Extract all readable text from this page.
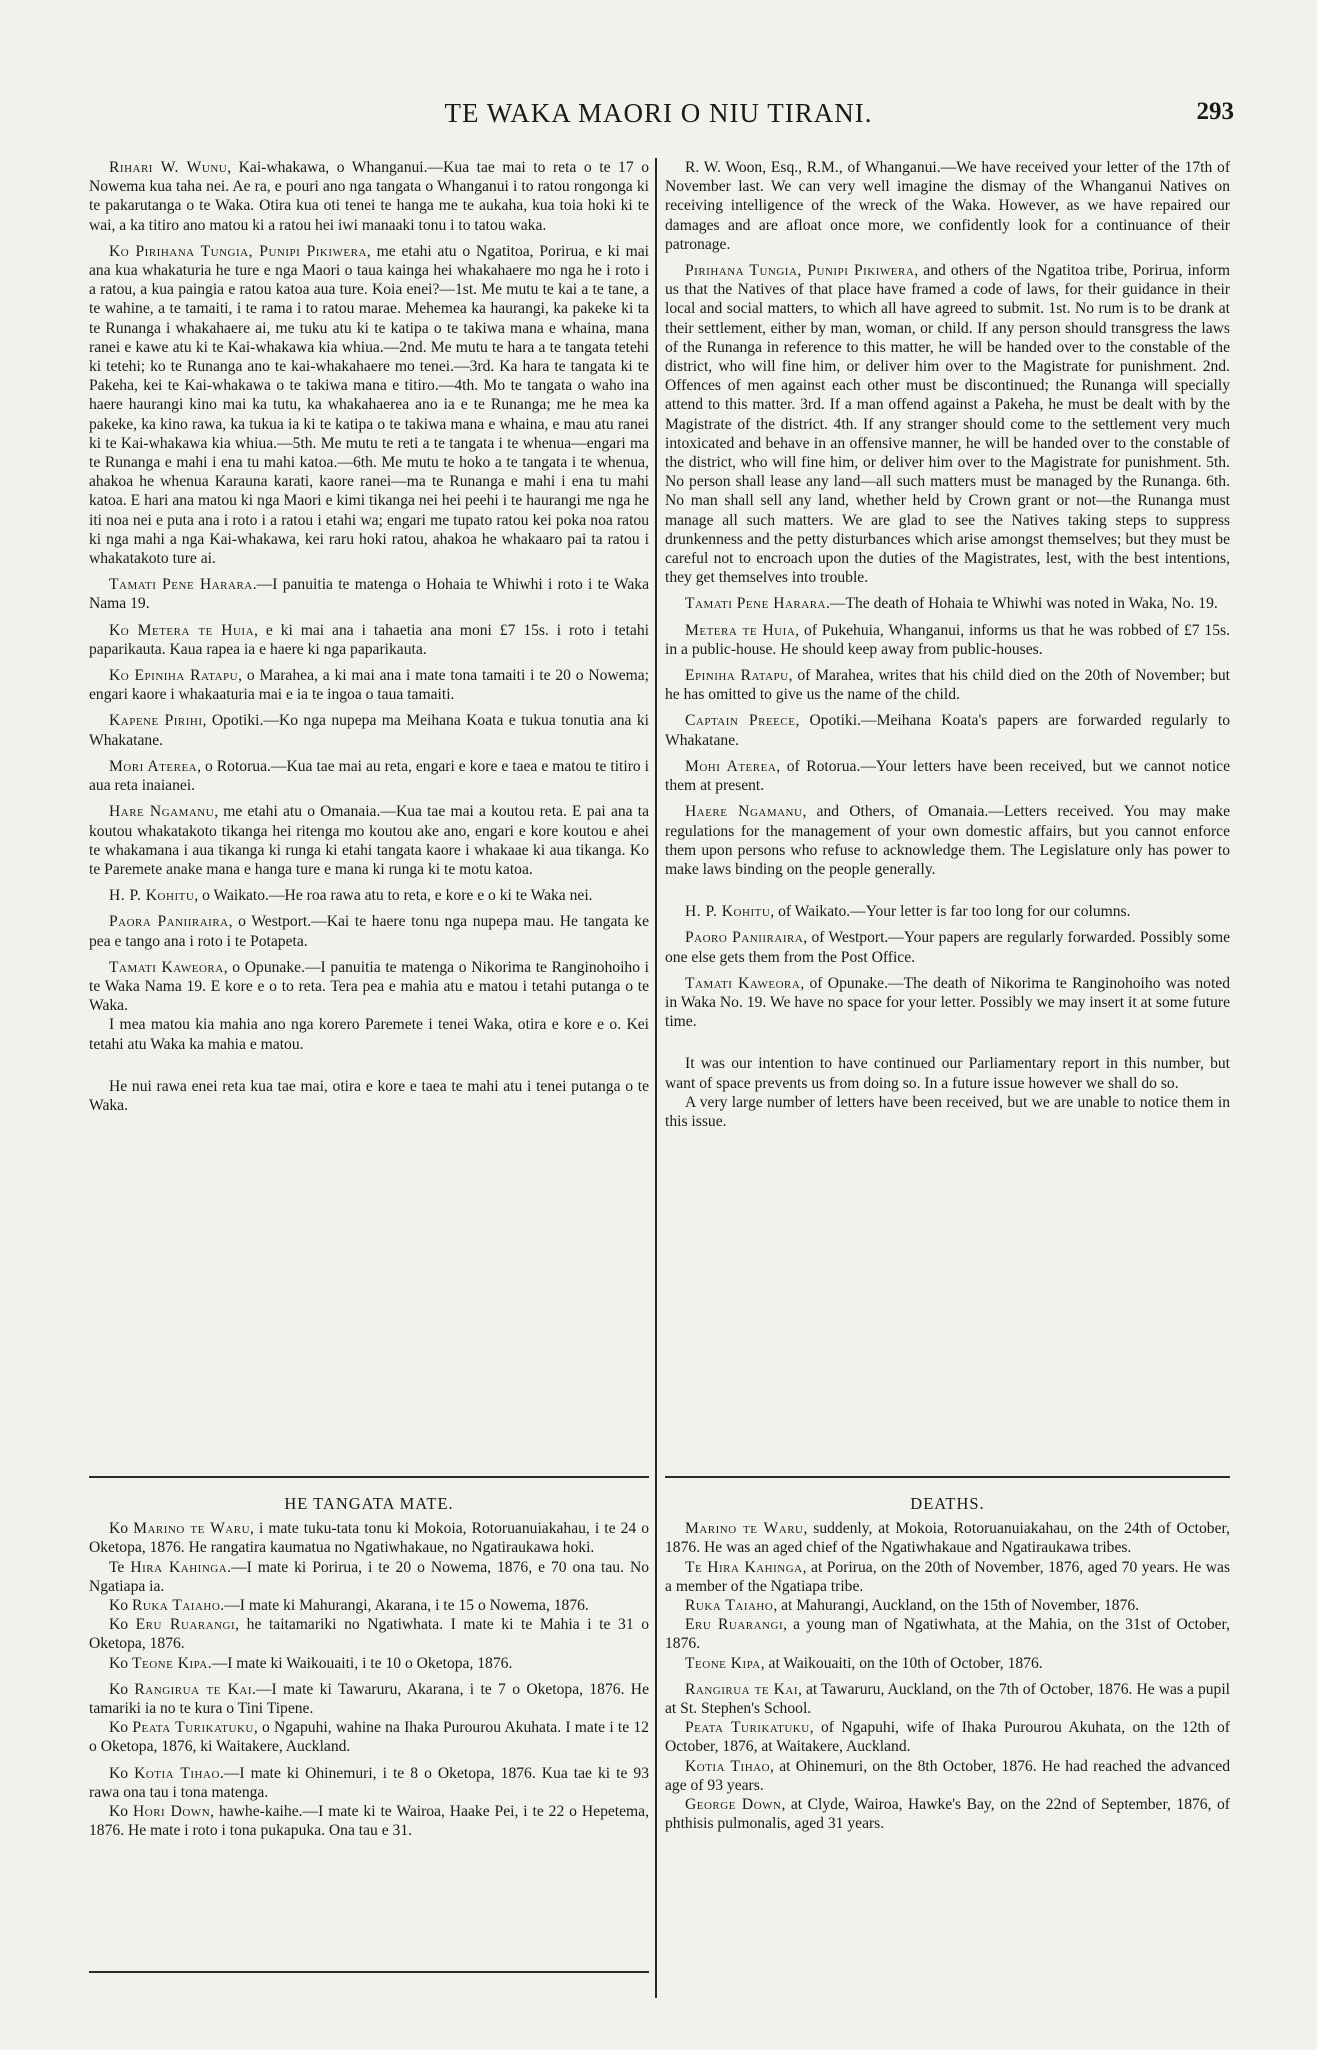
TE WAKA MAORI O NIU TIRANI.	293

Rihari W. Wunu, Kai-whakawa, o Whanganui.—Kua tae mai to reta o te 17 o Nowema kua taha nei. Ae ra, e pouri ano nga tangata o Whanganui i to ratou rongonga ki te pakarutanga o te Waka. Otira kua oti tenei te hanga me te aukaha, kua toia hoki ki te wai, a ka titiro ano matou ki a ratou hei iwi manaaki tonu i to tatou waka.

Ko Pirihana Tungia, Punipi Pikiwera, me etahi atu o Ngatitoa, Porirua, e ki mai ana kua whakaturia he ture e nga Maori o taua kainga hei whakahaere mo nga he i roto i a ratou, a kua paingia e ratou katoa aua ture. Koia enei?—1st. Me mutu te kai a te tane, a te wahine, a te tamaiti, i te rama i to ratou marae. Mehemea ka haurangi, ka pakeke ki ta te Runanga i whakahaere ai, me tuku atu ki te katipa o te takiwa mana e whaina, mana ranei e kawe atu ki te Kai-whakawa kia whiua.—2nd. Me mutu te hara a te tangata tetehi ki tetehi; ko te Runanga ano te kai-whakahaere mo tenei.—3rd. Ka hara te tangata ki te Pakeha, kei te Kai-whakawa o te takiwa mana e titiro.—4th. Mo te tangata o waho ina haere haurangi kino mai ka tutu, ka whakahaerea ano ia e te Runanga; me he mea ka pakeke, ka kino rawa, ka tukua ia ki te katipa o te takiwa mana e whaina, e mau atu ranei ki te Kai-whakawa kia whiua.—5th. Me mutu te reti a te tangata i te whenua—engari ma te Runanga e mahi i ena tu mahi katoa.—6th. Me mutu te hoko a te tangata i te whenua, ahakoa he whenua Karauna karati, kaore ranei—ma te Runanga e mahi i ena tu mahi katoa. E hari ana matou ki nga Maori e kimi tikanga nei hei peehi i te haurangi me nga he iti noa nei e puta ana i roto i a ratou i etahi wa; engari me tupato ratou kei poka noa ratou ki nga mahi a nga Kai-whakawa, kei raru hoki ratou, ahakoa he whakaaro pai ta ratou i whakatakoto ture ai.

Tamati Pene Harara.—I panuitia te matenga o Hohaia te Whiwhi i roto i te Waka Nama 19.

Ko Metera te Huia, e ki mai ana i tahaetia ana moni £7 15s. i roto i tetahi paparikauta. Kaua rapea ia e haere ki nga paparikauta.

Ko Epiniha Ratapu, o Marahea, a ki mai ana i mate tona tamaiti i te 20 o Nowema; engari kaore i whakaaturia mai e ia te ingoa o taua tamaiti.

Kapene Pirihi, Opotiki.—Ko nga nupepa ma Meihana Koata e tukua tonutia ana ki Whakatane.

Mori Aterea, o Rotorua.—Kua tae mai au reta, engari e kore e taea e matou te titiro i aua reta inaianei.

Hare Ngamanu, me etahi atu o Omanaia.—Kua tae mai a koutou reta. E pai ana ta koutou whakatakoto tikanga hei ritenga mo koutou ake ano, engari e kore koutou e ahei te whakamana i aua tikanga ki runga ki etahi tangata kaore i whakaae ki aua tikanga. Ko te Paremete anake mana e hanga ture e mana ki runga ki te motu katoa.

H. P. Kohitu, o Waikato.—He roa rawa atu to reta, e kore e o ki te Waka nei.

Paora Paniiraira, o Westport.—Kai te haere tonu nga nupepa mau. He tangata ke pea e tango ana i roto i te Potapeta.

Tamati Kaweora, o Opunake.—I panuitia te matenga o Nikorima te Ranginohoiho i te Waka Nama 19. E kore e o to reta. Tera pea e mahia atu e matou i tetahi putanga o te Waka.

I mea matou kia mahia ano nga korero Paremete i tenei Waka, otira e kore e o. Kei tetahi atu Waka ka mahia e matou.

He nui rawa enei reta kua tae mai, otira e kore e taea te mahi atu i tenei putanga o te Waka.

R. W. Woon, Esq., R.M., of Whanganui.—We have received your letter of the 17th of November last. We can very well imagine the dismay of the Whanganui Natives on receiving intelligence of the wreck of the Waka. However, as we have repaired our damages and are afloat once more, we confidently look for a continuance of their patronage.

Pirihana Tungia, Punipi Pikiwera, and others of the Ngatitoa tribe, Porirua, inform us that the Natives of that place have framed a code of laws, for their guidance in their local and social matters, to which all have agreed to submit. 1st. No rum is to be drank at their settlement, either by man, woman, or child. If any person should transgress the laws of the Runanga in reference to this matter, he will be handed over to the constable of the district, who will fine him, or deliver him over to the Magistrate for punishment. 2nd. Offences of men against each other must be discontinued; the Runanga will specially attend to this matter. 3rd. If a man offend against a Pakeha, he must be dealt with by the Magistrate of the district. 4th. If any stranger should come to the settlement very much intoxicated and behave in an offensive manner, he will be handed over to the constable of the district, who will fine him, or deliver him over to the Magistrate for punishment. 5th. No person shall lease any land—all such matters must be managed by the Runanga. 6th. No man shall sell any land, whether held by Crown grant or not—the Runanga must manage all such matters. We are glad to see the Natives taking steps to suppress drunkenness and the petty disturbances which arise amongst themselves; but they must be careful not to encroach upon the duties of the Magistrates, lest, with the best intentions, they get themselves into trouble.

Tamati Pene Harara.—The death of Hohaia te Whiwhi was noted in Waka, No. 19.

Metera te Huia, of Pukehuia, Whanganui, informs us that he was robbed of £7 15s. in a public-house. He should keep away from public-houses.

Epiniha Ratapu, of Marahea, writes that his child died on the 20th of November; but he has omitted to give us the name of the child.

Captain Preece, Opotiki.—Meihana Koata's papers are forwarded regularly to Whakatane.

Mohi Aterea, of Rotorua.—Your letters have been received, but we cannot notice them at present.

Haere Ngamanu, and Others, of Omanaia.—Letters received. You may make regulations for the management of your own domestic affairs, but you cannot enforce them upon persons who refuse to acknowledge them. The Legislature only has power to make laws binding on the people generally.

H. P. Kohitu, of Waikato.—Your letter is far too long for our columns.

Paoro Paniiraira, of Westport.—Your papers are regularly forwarded. Possibly some one else gets them from the Post Office.

Tamati Kaweora, of Opunake.—The death of Nikorima te Ranginohoiho was noted in Waka No. 19. We have no space for your letter. Possibly we may insert it at some future time.

It was our intention to have continued our Parliamentary report in this number, but want of space prevents us from doing so. In a future issue however we shall do so.

A very large number of letters have been received, but we are unable to notice them in this issue.

HE TANGATA MATE.

Ko Marino te Waru, i mate tuku-tata tonu ki Mokoia, Rotoruanuiakahau, i te 24 o Oketopa, 1876. He rangatira kaumatua no Ngatiwhakaue, no Ngatiraukawa hoki.

Te Hira Kahinga.—I mate ki Porirua, i te 20 o Nowema, 1876, e 70 ona tau. No Ngatiapa ia.

Ko Ruka Taiaho.—I mate ki Mahurangi, Akarana, i te 15 o Nowema, 1876.

Ko Eru Ruarangi, he taitamariki no Ngatiwhata. I mate ki te Mahia i te 31 o Oketopa, 1876.

Ko Teone Kipa.—I mate ki Waikouaiti, i te 10 o Oketopa, 1876.

Ko Rangirua te Kai.—I mate ki Tawaruru, Akarana, i te 7 o Oketopa, 1876. He tamariki ia no te kura o Tini Tipene.

Ko Peata Turikatuku, o Ngapuhi, wahine na Ihaka Purourou Akuhata. I mate i te 12 o Oketopa, 1876, ki Waitakere, Auckland.

Ko Kotia Tihao.—I mate ki Ohinemuri, i te 8 o Oketopa, 1876. Kua tae ki te 93 rawa ona tau i tona matenga.

Ko Hori Down, hawhe-kaihe.—I mate ki te Wairoa, Haake Pei, i te 22 o Hepetema, 1876. He mate i roto i tona pukapuka. Ona tau e 31.

DEATHS.

Marino te Waru, suddenly, at Mokoia, Rotoruanuiakahau, on the 24th of October, 1876. He was an aged chief of the Ngatiwhakaue and Ngatiraukawa tribes.

Te Hira Kahinga, at Porirua, on the 20th of November, 1876, aged 70 years. He was a member of the Ngatiapa tribe.

Ruka Taiaho, at Mahurangi, Auckland, on the 15th of November, 1876.

Eru Ruarangi, a young man of Ngatiwhata, at the Mahia, on the 31st of October, 1876.

Teone Kipa, at Waikouaiti, on the 10th of October, 1876.

Rangirua te Kai, at Tawaruru, Auckland, on the 7th of October, 1876. He was a pupil at St. Stephen's School.

Peata Turikatuku, of Ngapuhi, wife of Ihaka Purourou Akuhata, on the 12th of October, 1876, at Waitakere, Auckland.

Kotia Tihao, at Ohinemuri, on the 8th October, 1876. He had reached the advanced age of 93 years.

George Down, at Clyde, Wairoa, Hawke's Bay, on the 22nd of September, 1876, of phthisis pulmonalis, aged 31 years.
